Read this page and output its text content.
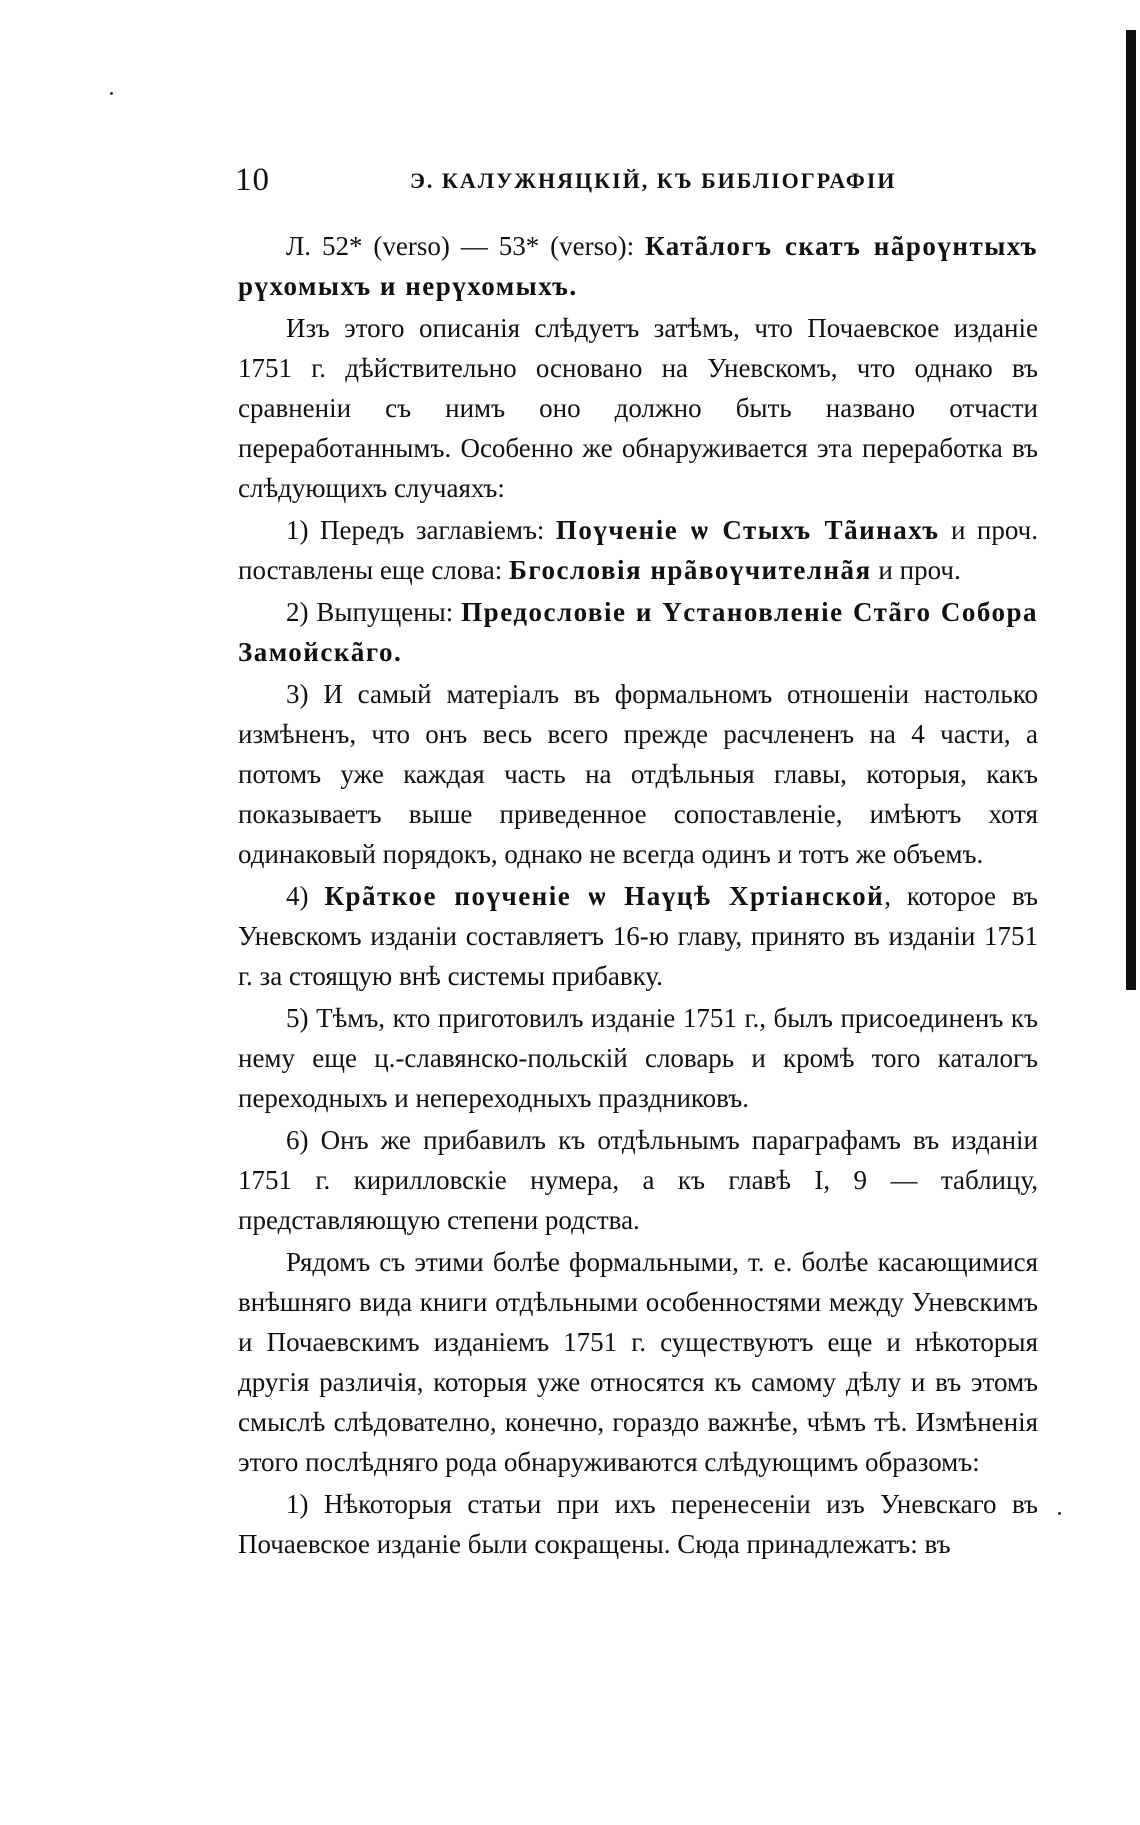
10	Э. КАЛУЖНЯЦКІЙ, КЪ БИБЛІОГРАФІИ

Л. 52* (verso) — 53* (verso): Катãлогъ скатъ нãроүнтыхъ рүхомыхъ и нерүхомыхъ.

Изъ этого описанія слѣдуетъ затѣмъ, что Почаевское изданіе 1751 г. дѣйствительно основано на Уневскомъ, что однако въ сравненіи съ нимъ оно должно быть названо отчасти переработаннымъ. Особенно же обнаруживается эта переработка въ слѣдующихъ случаяхъ:

1) Передъ заглавіемъ: Поүченіе ѡ Стыхъ Тãинахъ и проч. поставлены еще слова: Бгословія нрãвоүчителнãя и проч.

2) Выпущены: Предословіе и Үстановленіе Стãго Собора Замойскãго.

3) И самый матеріалъ въ формальномъ отношеніи настолько измѣненъ, что онъ весь всего прежде расчлененъ на 4 части, а потомъ уже каждая часть на отдѣльныя главы, которыя, какъ показываетъ выше приведенное сопоставленіе, имѣютъ хотя одинаковый порядокъ, однако не всегда одинъ и тотъ же объемъ.

4) Крãткое поүченіе ѡ Наүцѣ Хртіанской, которое въ Уневскомъ изданіи составляетъ 16-ю главу, принято въ изданіи 1751 г. за стоящую внѣ системы прибавку.

5) Тѣмъ, кто приготовилъ изданіе 1751 г., былъ присоединенъ къ нему еще ц.-славянско-польскій словарь и кромѣ того каталогъ переходныхъ и непереходныхъ праздниковъ.

6) Онъ же прибавилъ къ отдѣльнымъ параграфамъ въ изданіи 1751 г. кирилловскіе нумера, а къ главѣ I, 9 — таблицу, представляющую степени родства.

Рядомъ съ этими болѣе формальными, т. е. болѣе касающимися внѣшняго вида книги отдѣльными особенностями между Уневскимъ и Почаевскимъ изданіемъ 1751 г. существуютъ еще и нѣкоторыя другія различія, которыя уже относятся къ самому дѣлу и въ этомъ смыслѣ слѣдователно, конечно, гораздо важнѣе, чѣмъ тѣ. Измѣненія этого послѣдняго рода обнаруживаются слѣдующимъ образомъ:

1) Нѣкоторыя статьи при ихъ перенесеніи изъ Уневскаго въ Почаевское изданіе были сокращены. Сюда принадлежатъ: въ
